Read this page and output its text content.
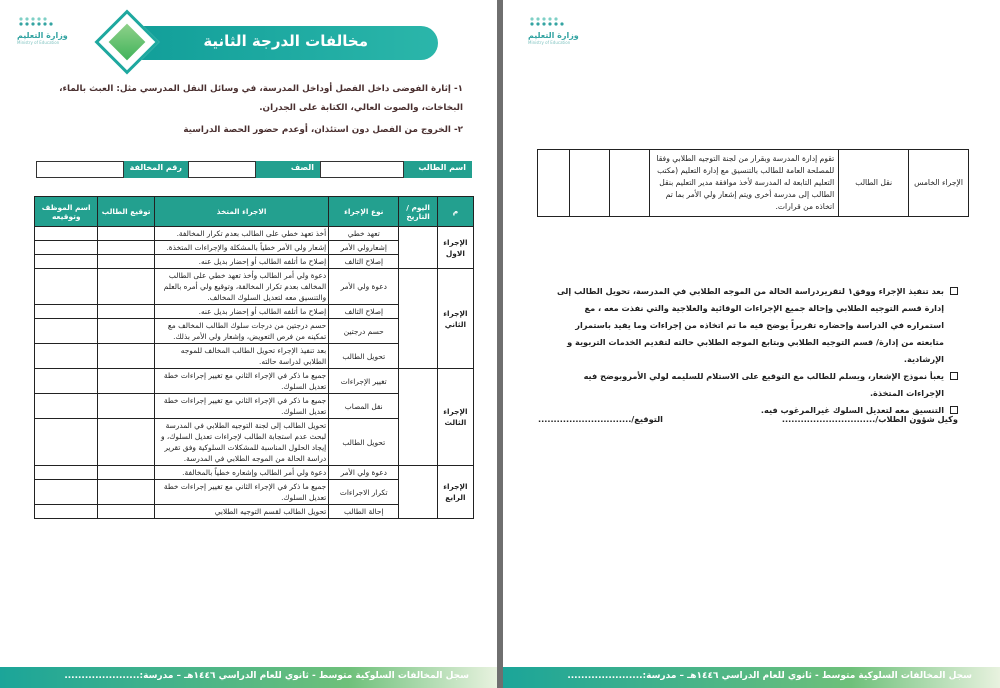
وزارة التعليم
Ministry of Education	مخالفات الدرجة الثانية
١- إثارة الفوضى داخل الفصل أوداخل المدرسة، في وسائل النقل المدرسي مثل: العبث بالماء، البخاخات، والصوت العالي، الكتابة على الجدران.
٢- الخروج من الفصل دون استئذان، أوعدم حضور الحصة الدراسية
اسم الطالب
الصف
رقم المخالفة
م	اليوم / التاريخ	نوع الإجراء	الاجراء المتخذ	توقيع الطالب	اسم الموظف وتوقيعه
الإجراء الاول		تعهد خطي	أخذ تعهد خطي على الطالب بعدم تكرار المخالفة.		
		إشعارولي الأمر	إشعار ولي الأمر خطياً بالمشكلة والإجراءات المتخذة.		
		إصلاح التالف	إصلاح ما أتلفه الطالب أو إحضار بديل عنه.		
الإجراء الثاني		دعوة ولي الأمر	دعوة ولي أمر الطالب وأخذ تعهد خطي على الطالب المخالف بعدم تكرار المخالفة، وتوقيع ولي أمره بالعلم والتنسيق معه لتعديل السلوك المخالف.		
		إصلاح التالف	إصلاح ما أتلفه الطالب أو إحضار بديل عنه.		
		حسم درجتين	حسم درجتين من درجات سلوك الطالب المخالف مع تمكينه من فرص التعويض، وإشعار ولي الأمر بذلك.		
		تحويل الطالب	بعد تنفيذ الإجراء تحويل الطالب المخالف للموجه الطلابي لدراسة حالته.		
الإجراء الثالث		تغيير الإجراءات	جميع ما ذكر في الإجراء الثاني مع تغيير إجراءات خطة تعديل السلوك.		
		نقل المصاب	جميع ما ذكر في الإجراء الثاني مع تغيير إجراءات خطة تعديل السلوك.		
		تحويل الطالب	تحويل الطالب إلى لجنة التوجيه الطلابي في المدرسة لبحث عدم استجابة الطالب لإجراءات تعديل السلوك، و إيجاد الحلول المناسبة للمشكلات السلوكية وفق تقرير دراسة الحالة من الموجه الطلابي في المدرسة.		
الإجراء الرابع		دعوة ولي الأمر	دعوة ولي أمر الطالب وإشعاره خطياً بالمخالفة.		
		تكرار الاجراءات	جميع ما ذكر في الإجراء الثاني مع تغيير إجراءات خطة تعديل السلوك.		
		إحالة الطالب	تحويل الطالب لقسم التوجيه الطلابي		
سجل المخالفات السلوكية متوسط - ثانوي للعام الدراسي ١٤٤٦هـ – مدرسة:......................
وزارة التعليم
Ministry of Education
الإجراء الخامس	نقل الطالب	تقوم إدارة المدرسة وبقرار من لجنة التوجيه الطلابي وفقا للمصلحة العامة للطالب بالتنسيق مع إدارة التعليم (مكتب التعليم التابعة له المدرسة لأخذ موافقة مدير التعليم بنقل الطالب إلى مدرسة أخرى ويتم إشعار ولي الأمر بما تم اتخاذه من قرارات.			
بعد تنفيذ الإجراء ووفق١ لتقريردراسة الحالة من الموجه الطلابي في المدرسة، تحويل الطالب إلى إدارة قسم التوجيه الطلابي وإحالة جميع الإجراءات الوقائية والعلاجية والتي نفذت معه ، مع استمراره في الدراسة وإحضاره تقريراً يوضح فيه ما تم اتخاذه من إجراءات وما يفيد باستمرار متابعته من إدارة/ قسم التوجيه الطلابي وبتابع الموجه الطلابي حالته لتقديم الخدمات التربوية و الإرشادية.
يعبأ نموذج الإشعار، ويسلم للطالب مع التوقيع على الاستلام للسليمه لولي الأمروبوضح فيه الإجراءات المتخذة.
التنسيق معه لتعديل السلوك غيرالمرغوب فيه.
وكيل شؤون الطلاب/..............................
التوقيع/..............................
سجل المخالفات السلوكية متوسط - ثانوي للعام الدراسي ١٤٤٦هـ – مدرسة:......................
